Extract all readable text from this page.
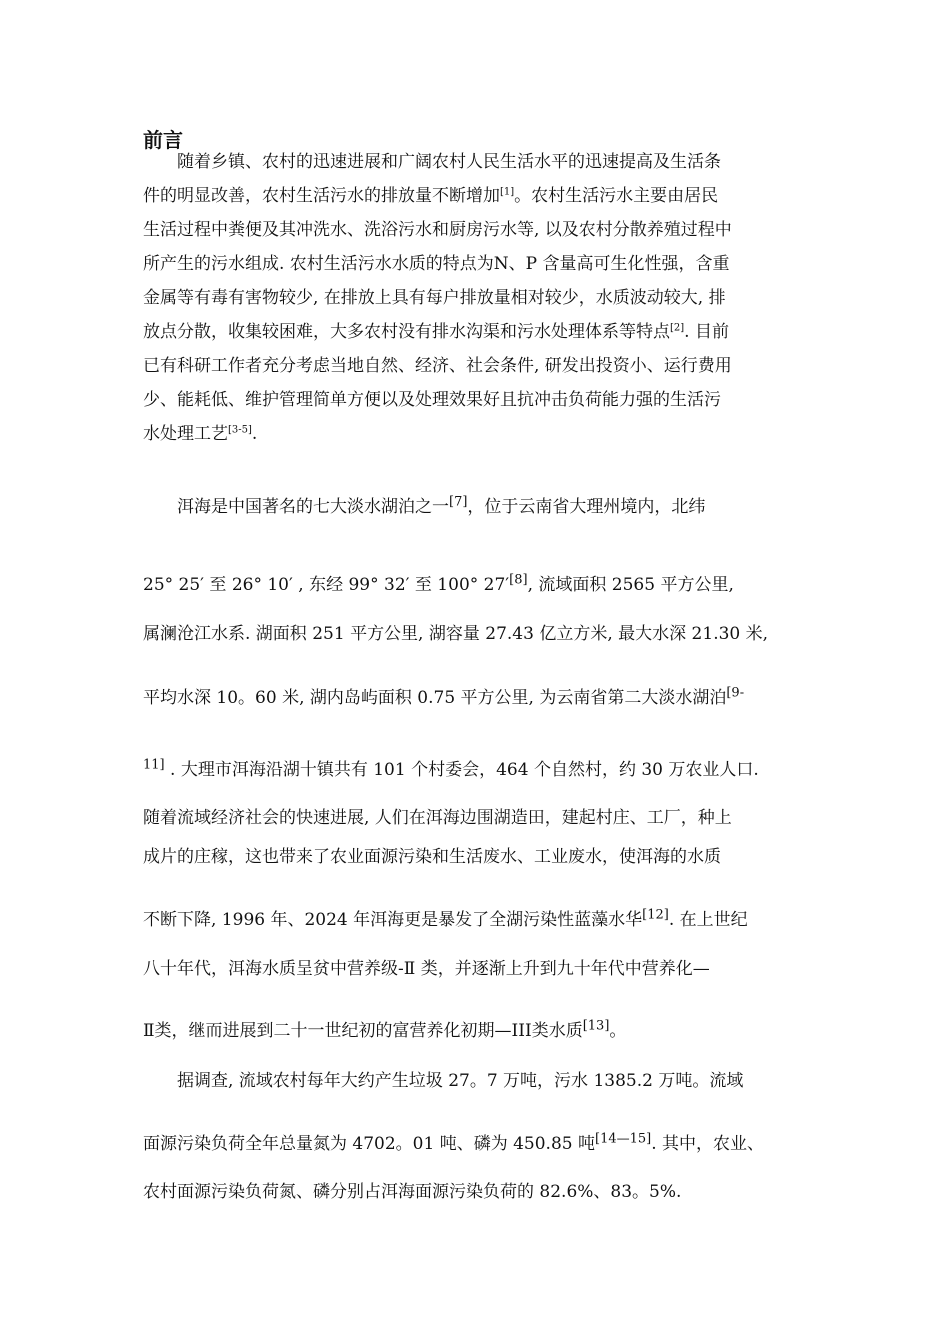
前言
随着乡镇、农村的迅速进展和广阔农村人民生活水平的迅速提高及生活条
件的明显改善，农村生活污水的排放量不断增加[1]。农村生活污水主要由居民
生活过程中粪便及其冲洗水、洗浴污水和厨房污水等, 以及农村分散养殖过程中
所产生的污水组成. 农村生活污水水质的特点为N、P 含量高可生化性强，含重
金属等有毒有害物较少, 在排放上具有每户排放量相对较少，水质波动较大, 排
放点分散，收集较困难，大多农村没有排水沟渠和污水处理体系等特点[2]. 目前
已有科研工作者充分考虑当地自然、经济、社会条件, 研发出投资小、运行费用
少、能耗低、维护管理简单方便以及处理效果好且抗冲击负荷能力强的生活污
水处理工艺[3-5].
洱海是中国著名的七大淡水湖泊之一[7]，位于云南省大理州境内，北纬
25° 25′ 至 26° 10′ , 东经 99° 32′ 至 100° 27′[8], 流域面积 2565 平方公里,
属澜沧江水系. 湖面积 251 平方公里, 湖容量 27.43 亿立方米, 最大水深 21.30 米,
平均水深 10。60 米, 湖内岛屿面积 0.75 平方公里, 为云南省第二大淡水湖泊$^{[9-}$
$^{11]}$ . 大理市洱海沿湖十镇共有 101 个村委会，464 个自然村，约 30 万农业人口.
随着流域经济社会的快速进展, 人们在洱海边围湖造田，建起村庄、工厂，种上
成片的庄稼，这也带来了农业面源污染和生活废水、工业废水，使洱海的水质
不断下降, 1996 年、2024 年洱海更是暴发了全湖污染性蓝藻水华[12]. 在上世纪
八十年代，洱海水质呈贫中营养级-Ⅱ 类，并逐渐上升到九十年代中营养化—
Ⅱ类，继而进展到二十一世纪初的富营养化初期—III类水质[13]。
据调查, 流域农村每年大约产生垃圾 27。7 万吨，污水 1385.2 万吨。流域
面源污染负荷全年总量氮为 4702。01 吨、磷为 450.85 吨[14—15]. 其中，农业、
农村面源污染负荷氮、磷分别占洱海面源污染负荷的 82.6%、83。5%.
